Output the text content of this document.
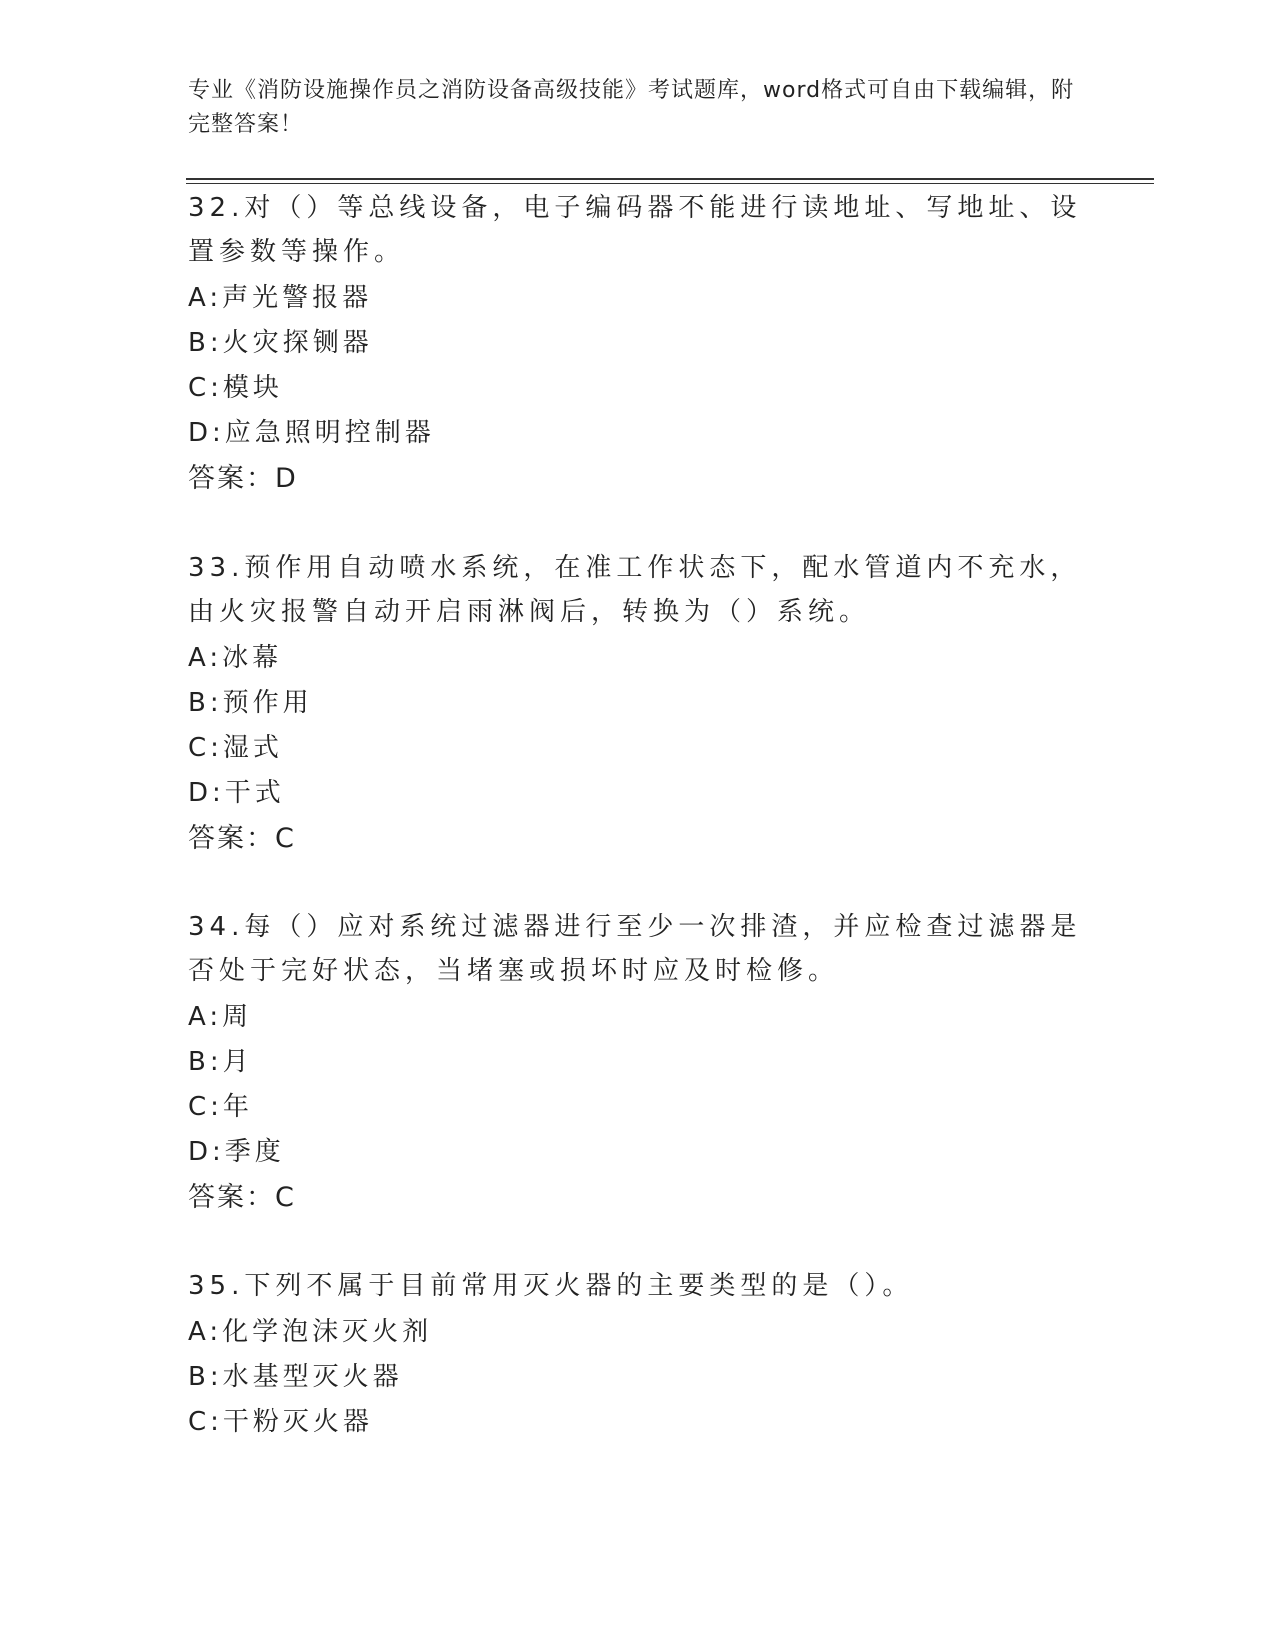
专业《消防设施操作员之消防设备高级技能》考试题库，word格式可自由下载编辑，附完整答案！
32.对（）等总线设备，电子编码器不能进行读地址、写地址、设置参数等操作。
A:声光警报器
B:火灾探铡器
C:模块
D:应急照明控制器
答案：D
33.预作用自动喷水系统，在准工作状态下，配水管道内不充水，由火灾报警自动开启雨淋阀后，转换为（）系统。
A:冰幕
B:预作用
C:湿式
D:干式
答案：C
34.每（）应对系统过滤器进行至少一次排渣，并应检查过滤器是否处于完好状态，当堵塞或损坏时应及时检修。
A:周
B:月
C:年
D:季度
答案：C
35.下列不属于目前常用灭火器的主要类型的是（）。
A:化学泡沫灭火剂
B:水基型灭火器
C:干粉灭火器
